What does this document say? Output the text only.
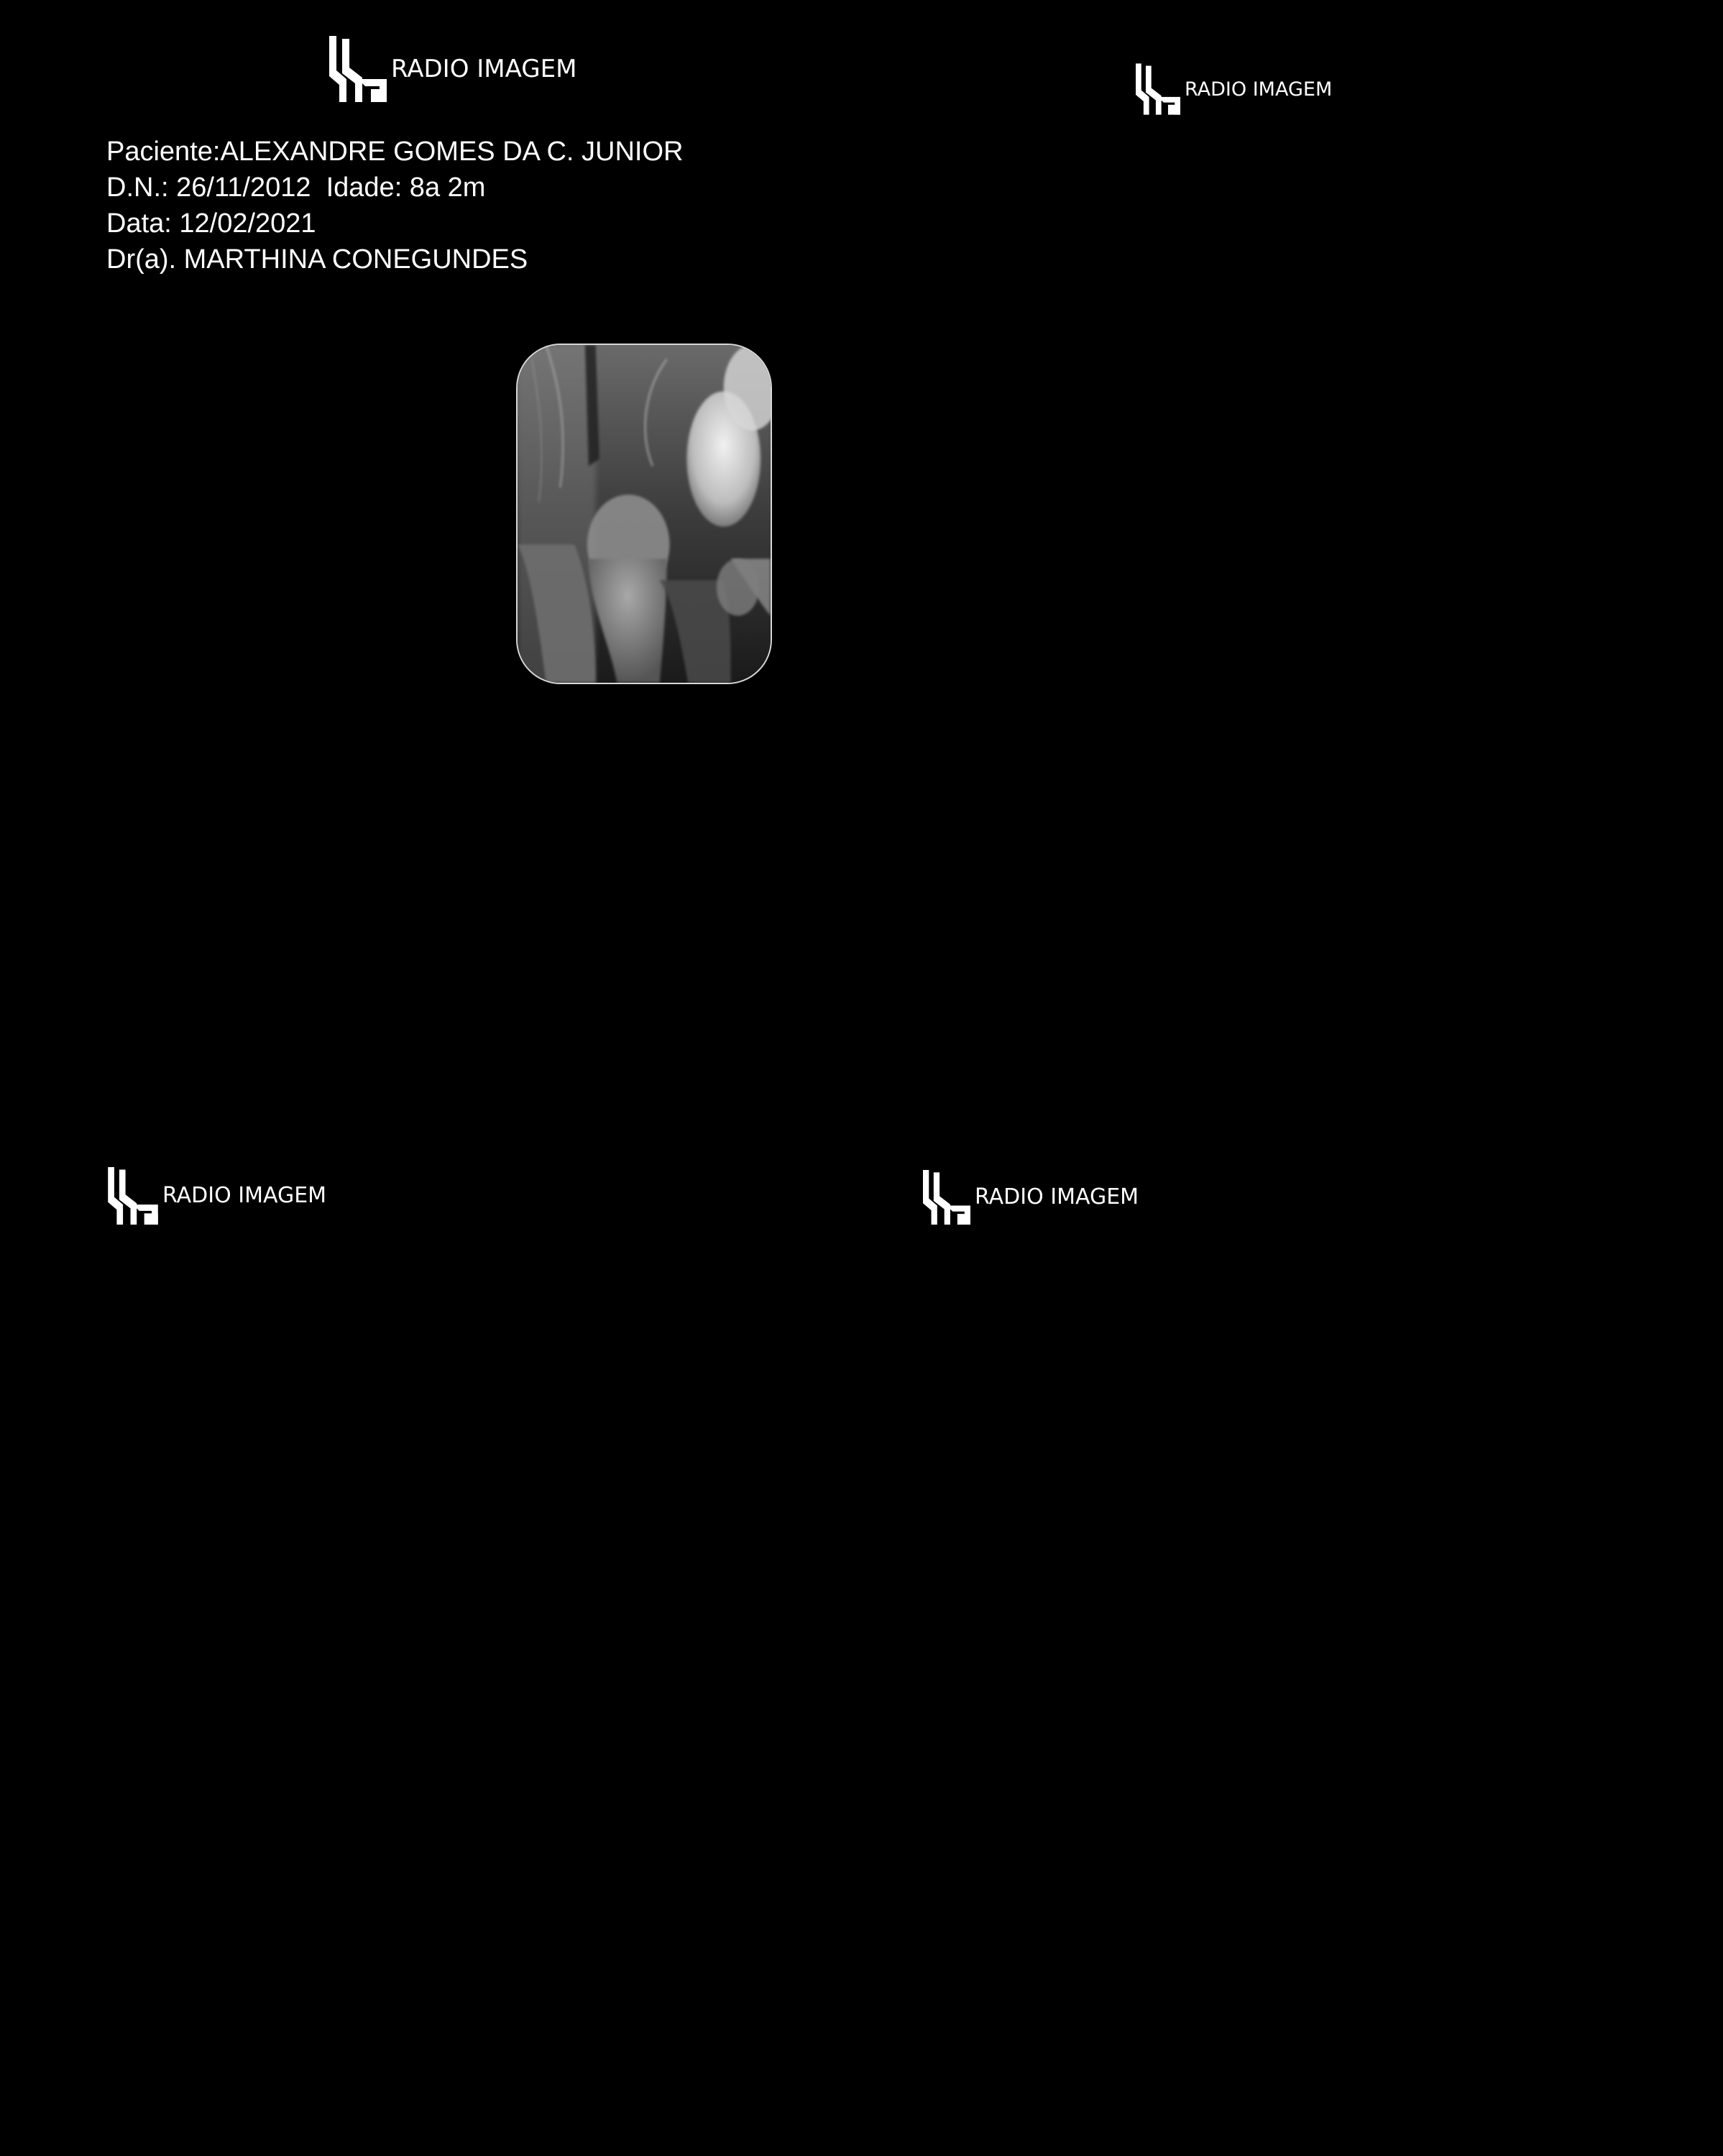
RADIO IMAGEM
RADIO IMAGEM
Paciente:ALEXANDRE GOMES DA C. JUNIOR
D.N.: 26/11/2012  Idade: 8a 2m
Data: 12/02/2021
Dr(a). MARTHINA CONEGUNDES
RADIO IMAGEM	RADIO IMAGEM
